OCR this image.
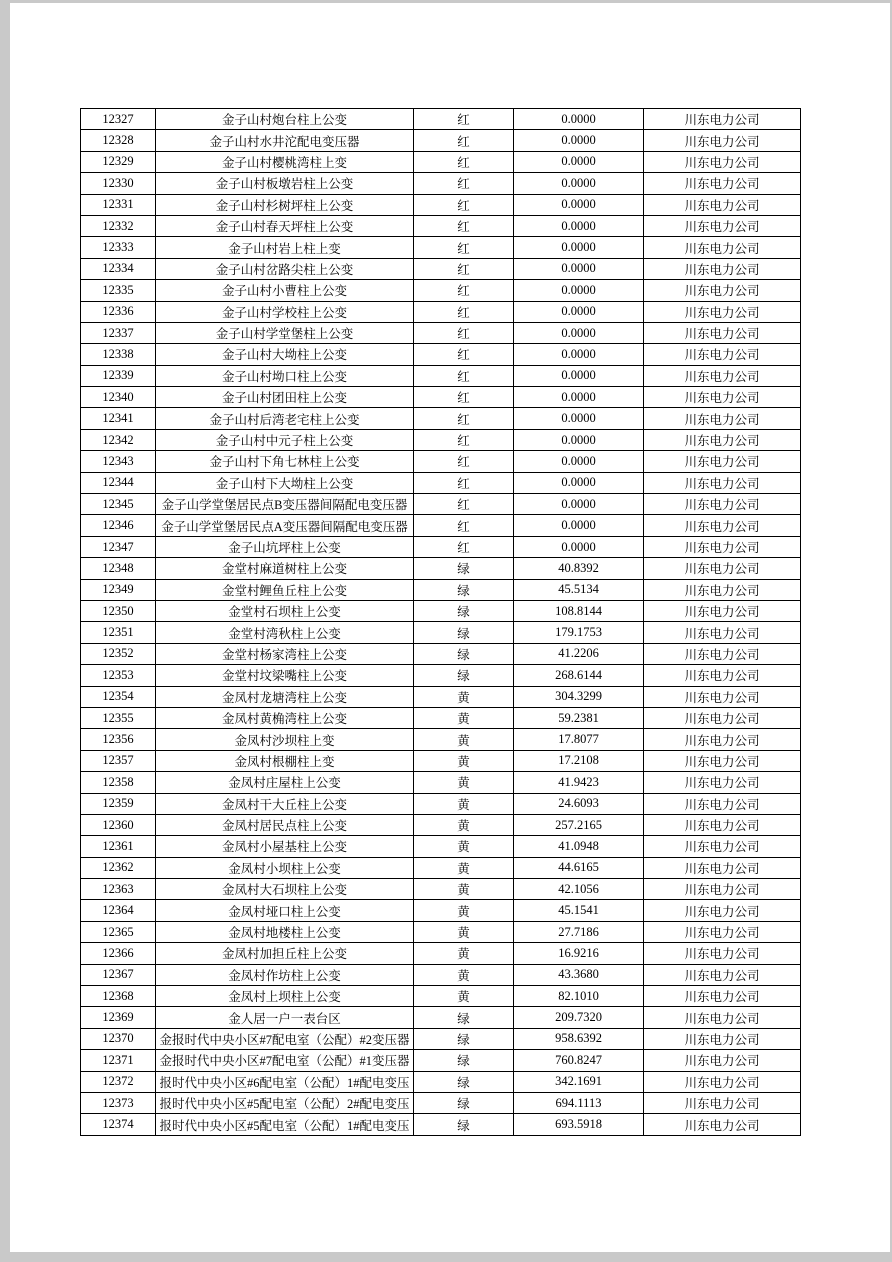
12327	金子山村炮台柱上公变	红	0.0000	川东电力公司
12328	金子山村水井沱配电变压器	红	0.0000	川东电力公司
12329	金子山村樱桃湾柱上变	红	0.0000	川东电力公司
12330	金子山村板墩岩柱上公变	红	0.0000	川东电力公司
12331	金子山村杉树坪柱上公变	红	0.0000	川东电力公司
12332	金子山村春天坪柱上公变	红	0.0000	川东电力公司
12333	金子山村岩上柱上变	红	0.0000	川东电力公司
12334	金子山村岔路尖柱上公变	红	0.0000	川东电力公司
12335	金子山村小曹柱上公变	红	0.0000	川东电力公司
12336	金子山村学校柱上公变	红	0.0000	川东电力公司
12337	金子山村学堂堡柱上公变	红	0.0000	川东电力公司
12338	金子山村大坳柱上公变	红	0.0000	川东电力公司
12339	金子山村坳口柱上公变	红	0.0000	川东电力公司
12340	金子山村团田柱上公变	红	0.0000	川东电力公司
12341	金子山村后湾老宅柱上公变	红	0.0000	川东电力公司
12342	金子山村中元子柱上公变	红	0.0000	川东电力公司
12343	金子山村下角七林柱上公变	红	0.0000	川东电力公司
12344	金子山村下大坳柱上公变	红	0.0000	川东电力公司
12345	金子山学堂堡居民点B变压器间隔配电变压器	红	0.0000	川东电力公司
12346	金子山学堂堡居民点A变压器间隔配电变压器	红	0.0000	川东电力公司
12347	金子山坑坪柱上公变	红	0.0000	川东电力公司
12348	金堂村麻道树柱上公变	绿	40.8392	川东电力公司
12349	金堂村鲤鱼丘柱上公变	绿	45.5134	川东电力公司
12350	金堂村石坝柱上公变	绿	108.8144	川东电力公司
12351	金堂村湾秋柱上公变	绿	179.1753	川东电力公司
12352	金堂村杨家湾柱上公变	绿	41.2206	川东电力公司
12353	金堂村坟梁嘴柱上公变	绿	268.6144	川东电力公司
12354	金凤村龙塘湾柱上公变	黄	304.3299	川东电力公司
12355	金凤村黄桷湾柱上公变	黄	59.2381	川东电力公司
12356	金凤村沙坝柱上变	黄	17.8077	川东电力公司
12357	金凤村根棚柱上变	黄	17.2108	川东电力公司
12358	金凤村庄屋柱上公变	黄	41.9423	川东电力公司
12359	金凤村干大丘柱上公变	黄	24.6093	川东电力公司
12360	金凤村居民点柱上公变	黄	257.2165	川东电力公司
12361	金凤村小屋基柱上公变	黄	41.0948	川东电力公司
12362	金凤村小坝柱上公变	黄	44.6165	川东电力公司
12363	金凤村大石坝柱上公变	黄	42.1056	川东电力公司
12364	金凤村垭口柱上公变	黄	45.1541	川东电力公司
12365	金凤村地楼柱上公变	黄	27.7186	川东电力公司
12366	金凤村加担丘柱上公变	黄	16.9216	川东电力公司
12367	金凤村作坊柱上公变	黄	43.3680	川东电力公司
12368	金凤村上坝柱上公变	黄	82.1010	川东电力公司
12369	金人居一户一表台区	绿	209.7320	川东电力公司
12370	金报时代中央小区#7配电室（公配）#2变压器	绿	958.6392	川东电力公司
12371	金报时代中央小区#7配电室（公配）#1变压器	绿	760.8247	川东电力公司
12372	报时代中央小区#6配电室（公配）1#配电变压	绿	342.1691	川东电力公司
12373	报时代中央小区#5配电室（公配）2#配电变压	绿	694.1113	川东电力公司
12374	报时代中央小区#5配电室（公配）1#配电变压	绿	693.5918	川东电力公司
